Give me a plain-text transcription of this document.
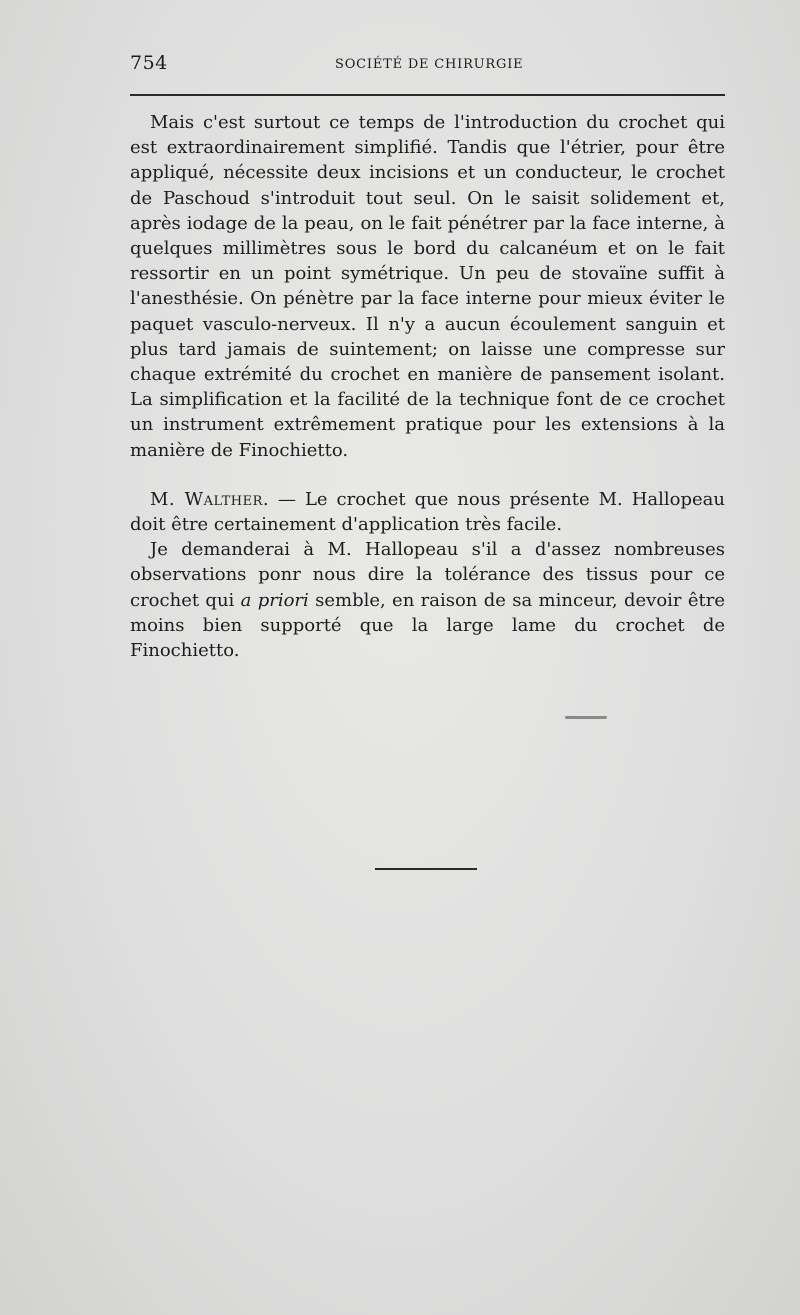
754	SOCIÉTÉ DE CHIRURGIE

Mais c'est surtout ce temps de l'introduction du crochet qui est extraordinairement simplifié. Tandis que l'étrier, pour être appliqué, nécessite deux incisions et un conducteur, le crochet de Paschoud s'introduit tout seul. On le saisit solidement et, après iodage de la peau, on le fait pénétrer par la face interne, à quelques millimètres sous le bord du calcanéum et on le fait ressortir en un point symétrique. Un peu de stovaïne suffit à l'anesthésie. On pénètre par la face interne pour mieux éviter le paquet vasculo-nerveux. Il n'y a aucun écoulement sanguin et plus tard jamais de suintement; on laisse une compresse sur chaque extrémité du crochet en manière de pansement isolant. La simplification et la facilité de la technique font de ce crochet un instrument extrêmement pratique pour les extensions à la manière de Finochietto.

M. Walther. — Le crochet que nous présente M. Hallopeau doit être certainement d'application très facile.

Je demanderai à M. Hallopeau s'il a d'assez nombreuses observations ponr nous dire la tolérance des tissus pour ce crochet qui a priori semble, en raison de sa minceur, devoir être moins bien supporté que la large lame du crochet de Finochietto.
